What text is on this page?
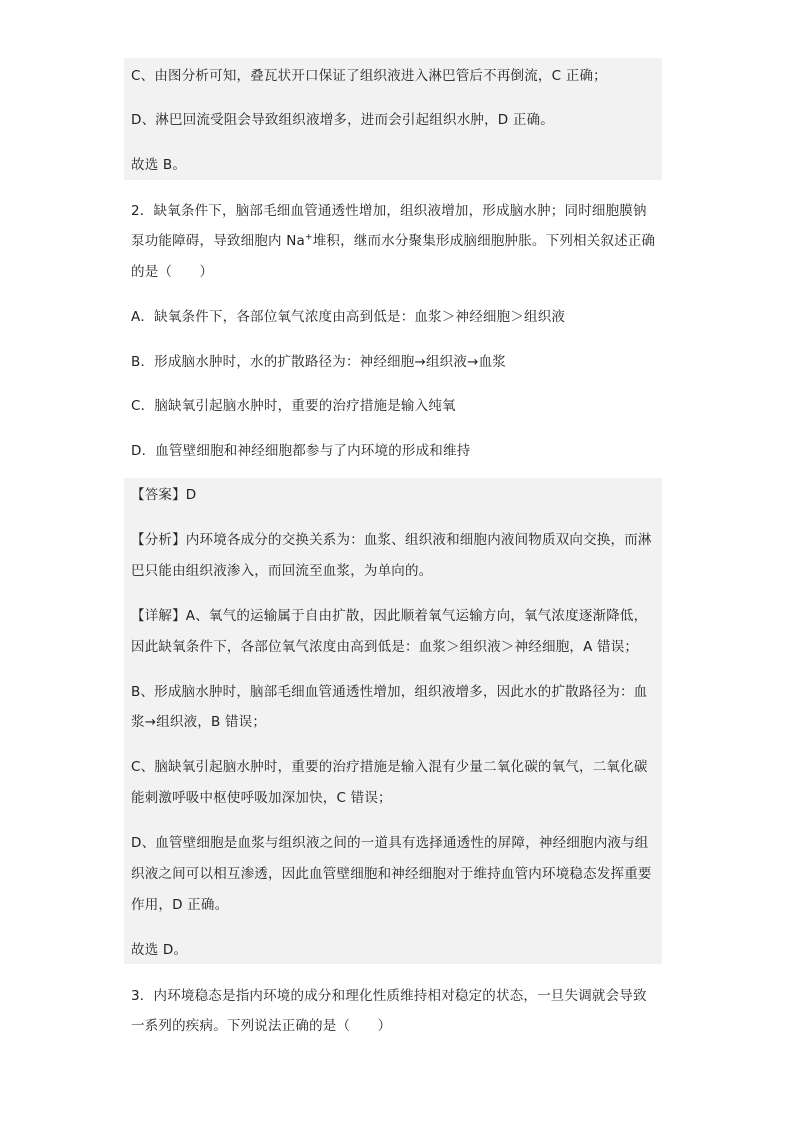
C、由图分析可知，叠瓦状开口保证了组织液进入淋巴管后不再倒流，C 正确；
D、淋巴回流受阻会导致组织液增多，进而会引起组织水肿，D 正确。
故选 B。
2．缺氧条件下，脑部毛细血管通透性增加，组织液增加，形成脑水肿；同时细胞膜钠
泵功能障碍，导致细胞内 Na+堆积，继而水分聚集形成脑细胞肿胀。下列相关叙述正确
的是（　　）
A．缺氧条件下，各部位氧气浓度由高到低是：血浆＞神经细胞＞组织液
B．形成脑水肿时，水的扩散路径为：神经细胞→组织液→血浆
C．脑缺氧引起脑水肿时，重要的治疗措施是输入纯氧
D．血管壁细胞和神经细胞都参与了内环境的形成和维持
【答案】D
【分析】内环境各成分的交换关系为：血浆、组织液和细胞内液间物质双向交换，而淋
巴只能由组织液渗入，而回流至血浆，为单向的。
【详解】A、氧气的运输属于自由扩散，因此顺着氧气运输方向，氧气浓度逐渐降低，
因此缺氧条件下，各部位氧气浓度由高到低是：血浆＞组织液＞神经细胞，A 错误；
B、形成脑水肿时，脑部毛细血管通透性增加，组织液增多，因此水的扩散路径为：血
浆→组织液，B 错误；
C、脑缺氧引起脑水肿时，重要的治疗措施是输入混有少量二氧化碳的氧气，二氧化碳
能刺激呼吸中枢使呼吸加深加快，C 错误；
D、血管壁细胞是血浆与组织液之间的一道具有选择通透性的屏障，神经细胞内液与组
织液之间可以相互渗透，因此血管壁细胞和神经细胞对于维持血管内环境稳态发挥重要
作用，D 正确。
故选 D。
3．内环境稳态是指内环境的成分和理化性质维持相对稳定的状态，一旦失调就会导致
一系列的疾病。下列说法正确的是（　　）
